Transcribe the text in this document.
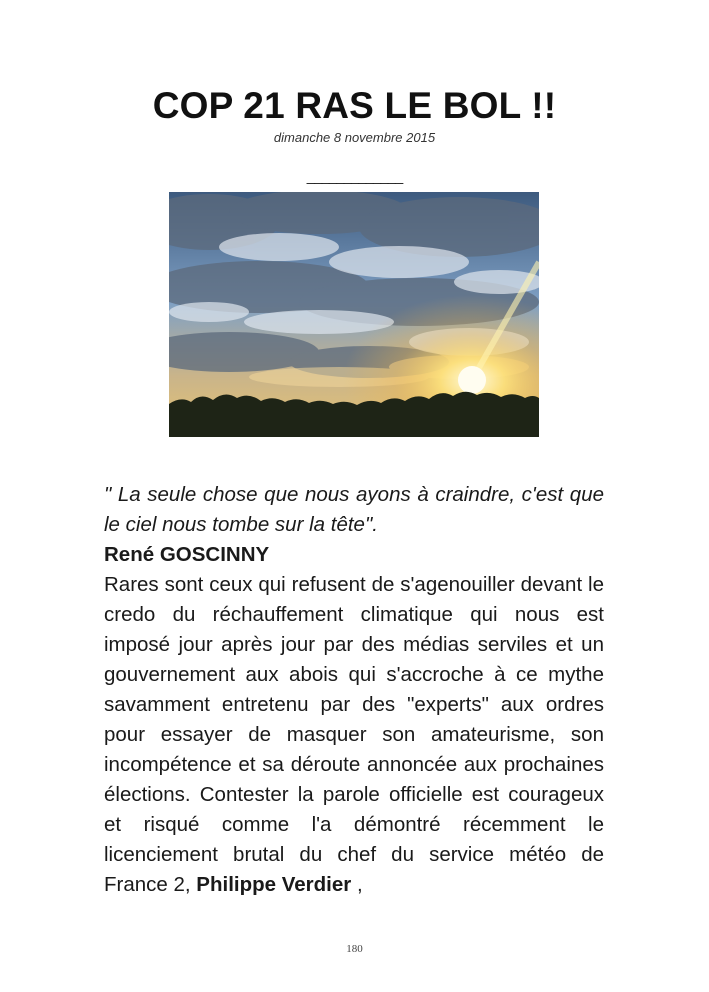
COP 21 RAS LE BOL !!
dimanche 8 novembre 2015
_____________

" La seule chose que nous ayons à craindre, c'est que le ciel nous tombe sur la tête".

René GOSCINNY

Rares sont ceux qui refusent de s'agenouiller devant le credo du réchauffement climatique qui nous est imposé jour après jour par des médias serviles et un gouvernement aux abois qui s'accroche à ce mythe savamment entretenu par des "experts" aux ordres pour essayer de masquer son amateurisme, son incompétence et sa déroute annoncée aux prochaines élections. Contester la parole officielle est courageux et risqué comme l'a démontré récemment le licenciement brutal du chef du service météo de France 2, Philippe Verdier ,

180
